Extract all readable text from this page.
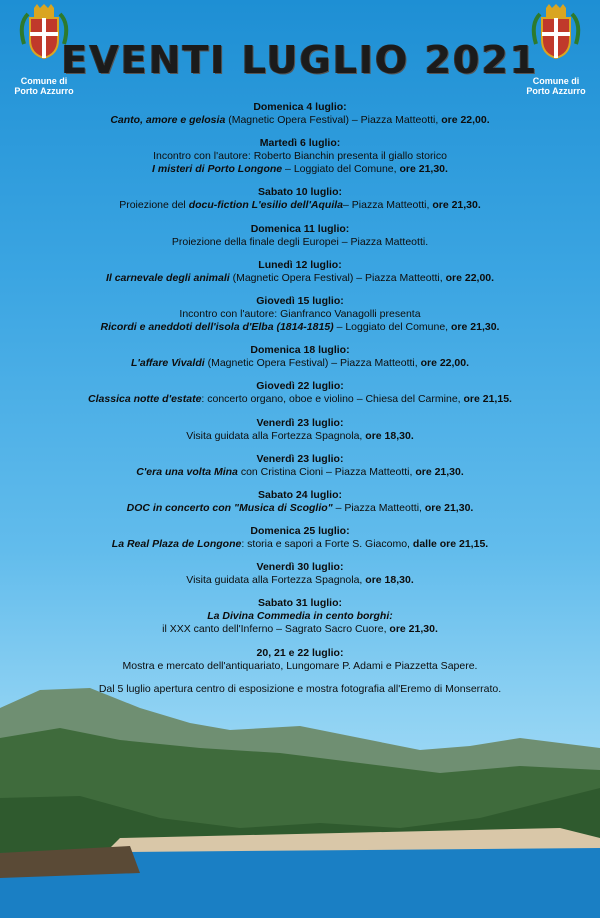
Comune di
Porto Azzurro
Comune di
Porto Azzurro
EVENTI LUGLIO 2021
Domenica 4 luglio:
Canto, amore e gelosia (Magnetic Opera Festival) – Piazza Matteotti, ore 22,00.
Martedì 6 luglio:
Incontro con l'autore: Roberto Bianchin presenta il giallo storico
I misteri di Porto Longone – Loggiato del Comune, ore 21,30.
Sabato 10 luglio:
Proiezione del docu-fiction L'esilio dell'Aquila– Piazza Matteotti, ore 21,30.
Domenica 11 luglio:
Proiezione della finale degli Europei – Piazza Matteotti.
Lunedì 12 luglio:
Il carnevale degli animali (Magnetic Opera Festival) – Piazza Matteotti, ore 22,00.
Giovedì 15 luglio:
Incontro con l'autore: Gianfranco Vanagolli presenta
Ricordi e aneddoti dell'isola d'Elba (1814-1815) – Loggiato del Comune, ore 21,30.
Domenica 18 luglio:
L'affare Vivaldi (Magnetic Opera Festival) – Piazza Matteotti, ore 22,00.
Giovedì 22 luglio:
Classica notte d'estate: concerto organo, oboe e violino – Chiesa del Carmine, ore 21,15.
Venerdì 23 luglio:
Visita guidata alla Fortezza Spagnola, ore 18,30.
Venerdì 23 luglio:
C'era una volta Mina con Cristina Cioni – Piazza Matteotti, ore 21,30.
Sabato 24 luglio:
DOC in concerto con "Musica di Scoglio" – Piazza Matteotti, ore 21,30.
Domenica 25 luglio:
La Real Plaza de Longone: storia e sapori a Forte S. Giacomo, dalle ore 21,15.
Venerdì 30 luglio:
Visita guidata alla Fortezza Spagnola, ore 18,30.
Sabato 31 luglio:
La Divina Commedia in cento borghi:
il XXX canto dell'Inferno – Sagrato Sacro Cuore, ore 21,30.
20, 21 e 22 luglio:
Mostra e mercato dell'antiquariato, Lungomare P. Adami e Piazzetta Sapere.
Dal 5 luglio apertura centro di esposizione e mostra fotografia all'Eremo di Monserrato.
